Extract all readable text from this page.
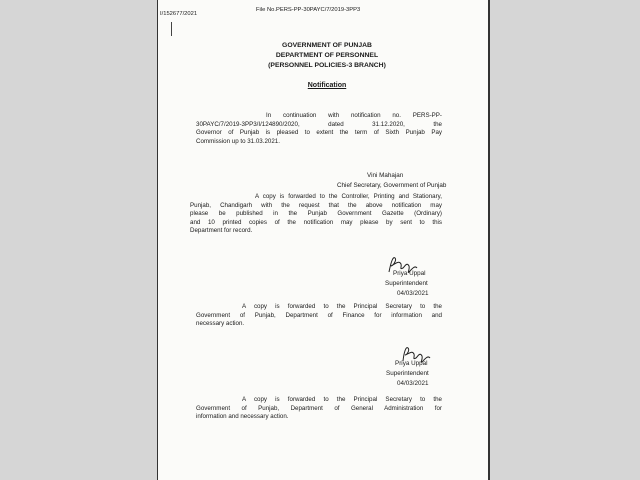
I/152677/2021
File No.PERS-PP-30PAYC/7/2019-3PP3
GOVERNMENT OF PUNJAB
DEPARTMENT OF PERSONNEL
(PERSONNEL POLICIES-3 BRANCH)
Notification
In continuation with notification no. PERS-PP-
30PAYC/7/2019-3PP3/I/124890/2020, dated 31.12.2020, the
Governor of Punjab is pleased to extent the term of Sixth Punjab Pay
Commission up to 31.03.2021.
Vini Mahajan
Chief Secretary, Government of Punjab
A copy is forwarded to the Controller, Printing and Stationary,
Punjab, Chandigarh with the request that the above notification may
please be published in the Punjab Government Gazette (Ordinary)
and 10 printed copies of the notification may please by sent to this
Department for record.
Priya Uppal
Superintendent
04/03/2021
A copy is forwarded to the Principal Secretary to the
Government of Punjab, Department of Finance for information and
necessary action.
Priya Uppal
Superintendent
04/03/2021
A copy is forwarded to the Principal Secretary to the
Government of Punjab, Department of General Administration for
information and necessary action.
